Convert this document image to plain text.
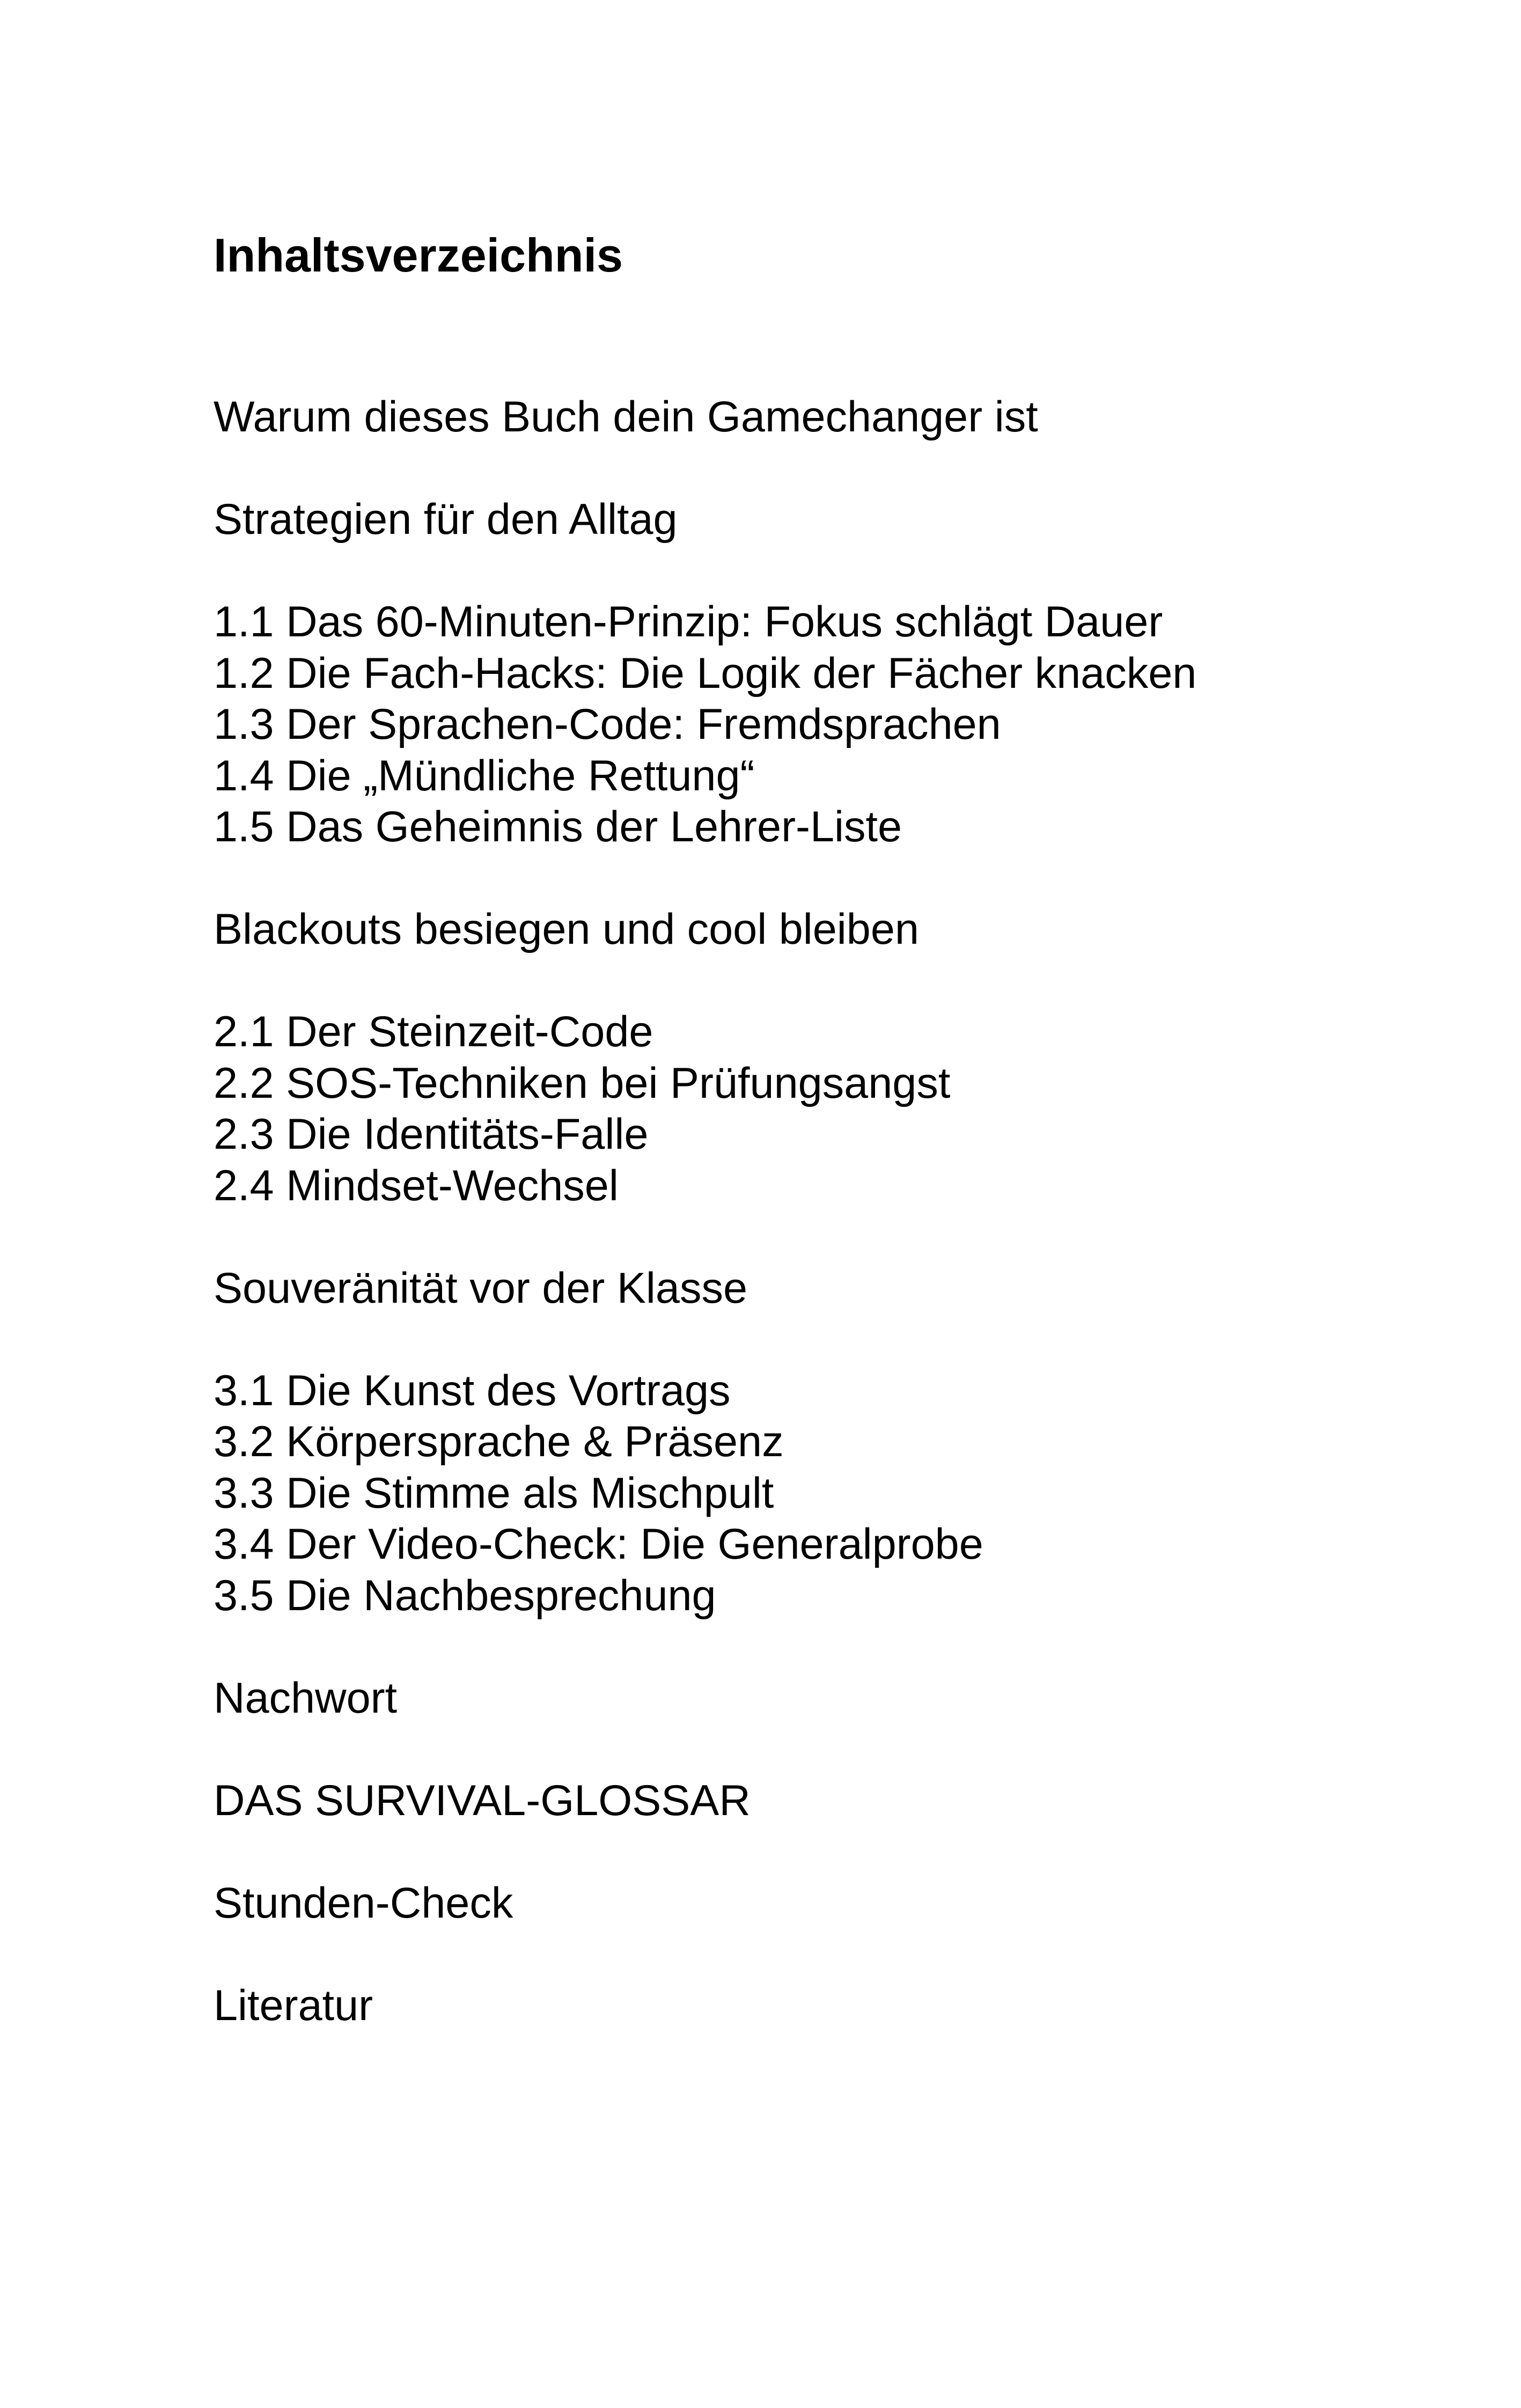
Inhaltsverzeichnis
Warum dieses Buch dein Gamechanger ist
Strategien für den Alltag
1.1 Das 60-Minuten-Prinzip: Fokus schlägt Dauer
1.2 Die Fach-Hacks: Die Logik der Fächer knacken
1.3 Der Sprachen-Code: Fremdsprachen
1.4 Die „Mündliche Rettung“
1.5 Das Geheimnis der Lehrer-Liste
Blackouts besiegen und cool bleiben
2.1 Der Steinzeit-Code
2.2 SOS-Techniken bei Prüfungsangst
2.3 Die Identitäts-Falle
2.4 Mindset-Wechsel
Souveränität vor der Klasse
3.1 Die Kunst des Vortrags
3.2 Körpersprache & Präsenz
3.3 Die Stimme als Mischpult
3.4 Der Video-Check: Die Generalprobe
3.5 Die Nachbesprechung
Nachwort
DAS SURVIVAL-GLOSSAR
Stunden-Check
Literatur
